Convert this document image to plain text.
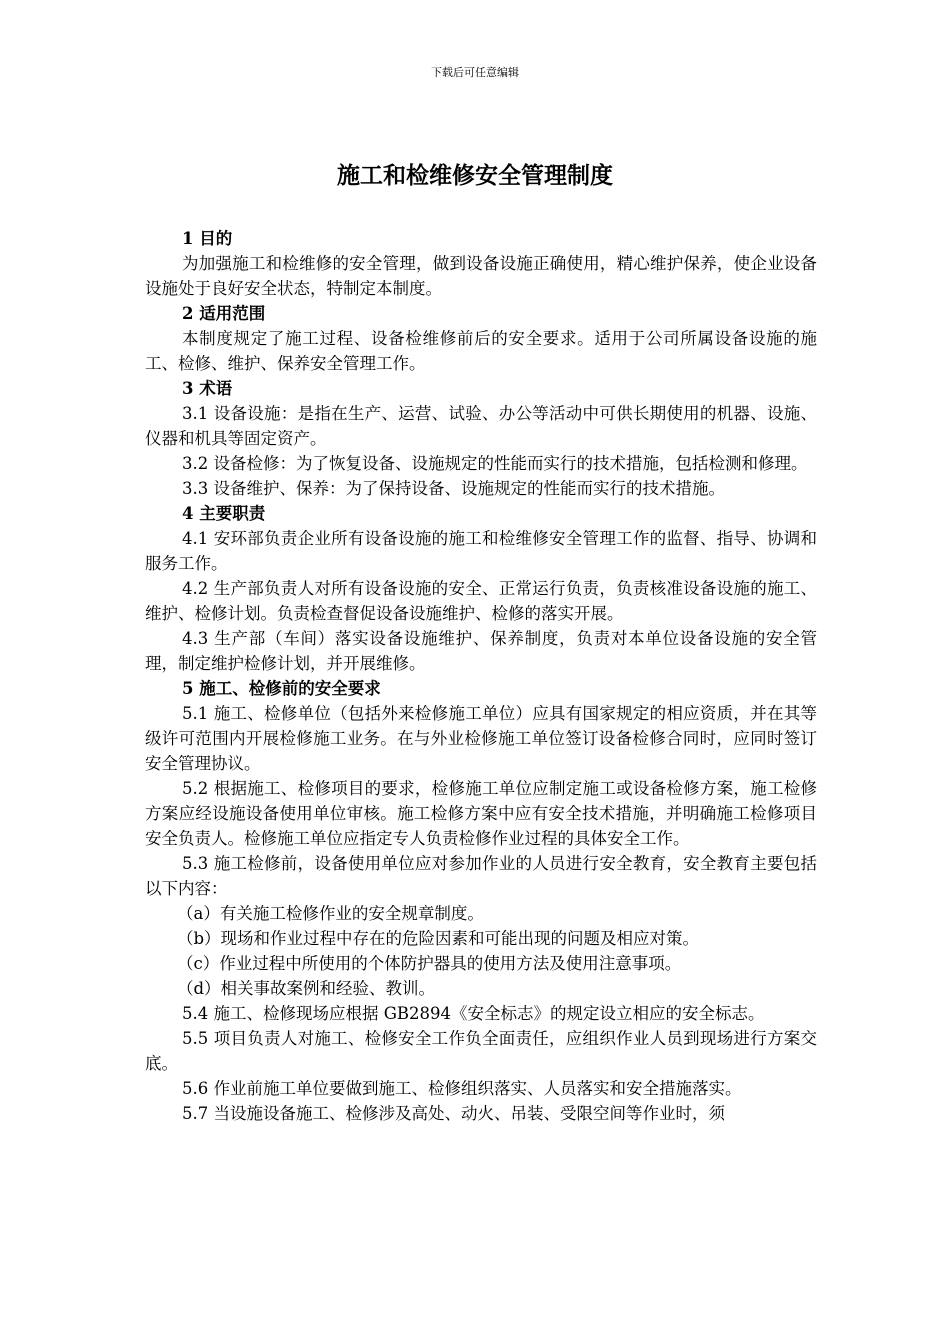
下载后可任意编辑
施工和检维修安全管理制度

1 目的

为加强施工和检维修的安全管理，做到设备设施正确使用，精心维护保养，使企业设备设施处于良好安全状态，特制定本制度。

2 适用范围

本制度规定了施工过程、设备检维修前后的安全要求。适用于公司所属设备设施的施工、检修、维护、保养安全管理工作。

3 术语

3.1 设备设施：是指在生产、运营、试验、办公等活动中可供长期使用的机器、设施、仪器和机具等固定资产。

3.2 设备检修：为了恢复设备、设施规定的性能而实行的技术措施，包括检测和修理。

3.3 设备维护、保养：为了保持设备、设施规定的性能而实行的技术措施。

4 主要职责

4.1 安环部负责企业所有设备设施的施工和检维修安全管理工作的监督、指导、协调和服务工作。

4.2 生产部负责人对所有设备设施的安全、正常运行负责，负责核准设备设施的施工、维护、检修计划。负责检查督促设备设施维护、检修的落实开展。

4.3 生产部（车间）落实设备设施维护、保养制度，负责对本单位设备设施的安全管理，制定维护检修计划，并开展维修。

5 施工、检修前的安全要求

5.1 施工、检修单位（包括外来检修施工单位）应具有国家规定的相应资质，并在其等级许可范围内开展检修施工业务。在与外业检修施工单位签订设备检修合同时，应同时签订安全管理协议。

5.2 根据施工、检修项目的要求，检修施工单位应制定施工或设备检修方案，施工检修方案应经设施设备使用单位审核。施工检修方案中应有安全技术措施，并明确施工检修项目安全负责人。检修施工单位应指定专人负责检修作业过程的具体安全工作。

5.3 施工检修前，设备使用单位应对参加作业的人员进行安全教育，安全教育主要包括以下内容：

（a）有关施工检修作业的安全规章制度。

（b）现场和作业过程中存在的危险因素和可能出现的问题及相应对策。

（c）作业过程中所使用的个体防护器具的使用方法及使用注意事项。

（d）相关事故案例和经验、教训。

5.4 施工、检修现场应根据 GB2894《安全标志》的规定设立相应的安全标志。

5.5 项目负责人对施工、检修安全工作负全面责任，应组织作业人员到现场进行方案交底。

5.6 作业前施工单位要做到施工、检修组织落实、人员落实和安全措施落实。

5.7 当设施设备施工、检修涉及高处、动火、吊装、受限空间等作业时，须
